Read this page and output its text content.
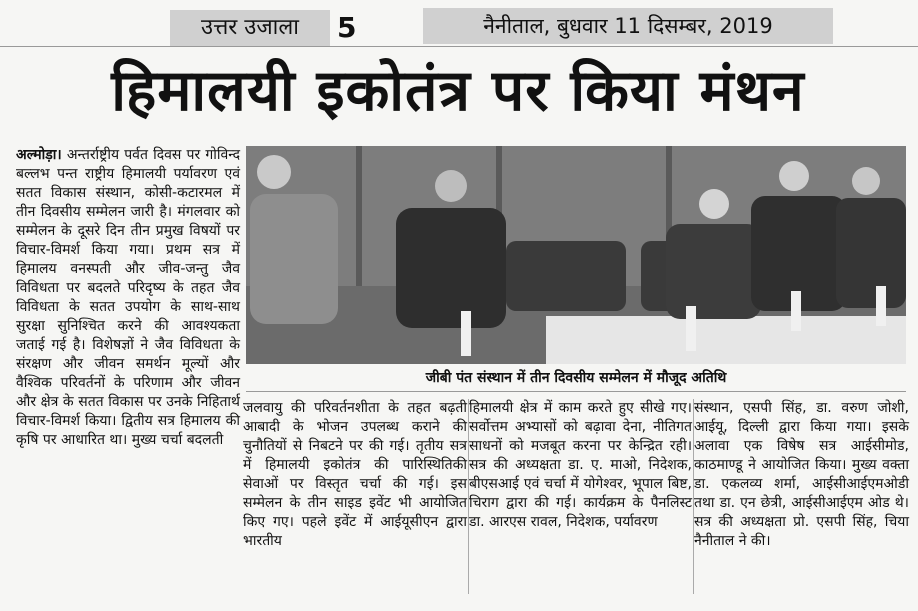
उत्तर उजाला	5	नैनीताल, बुधवार 11 दिसम्बर, 2019
हिमालयी इकोतंत्र पर किया मंथन

अल्मोड़ा। अन्तर्राष्ट्रीय पर्वत दिवस पर गोविन्द बल्लभ पन्त राष्ट्रीय हिमालयी पर्यावरण एवं सतत विकास संस्थान, कोसी-कटारमल में तीन दिवसीय सम्मेलन जारी है। मंगलवार को सम्मेलन के दूसरे दिन तीन प्रमुख विषयों पर विचार-विमर्श किया गया। प्रथम सत्र में हिमालय वनस्पती और जीव-जन्तु जैव विविधता पर बदलते परिदृष्य के तहत जैव विविधता के सतत उपयोग के साथ-साथ सुरक्षा सुनिश्चित करने की आवश्यकता जताई गई है। विशेषज्ञों ने जैव विविधता के संरक्षण और जीवन समर्थन मूल्यों और वैश्विक परिवर्तनों के परिणाम और जीवन और क्षेत्र के सतत विकास पर उनके निहितार्थ विचार-विमर्श किया। द्वितीय सत्र हिमालय की कृषि पर आधारित था। मुख्य चर्चा बदलती

जीबी पंत संस्थान में तीन दिवसीय सम्मेलन में मौजूद अतिथि

जलवायु की परिवर्तनशीता के तहत बढ़ती आबादी के भोजन उपलब्ध कराने की चुनौतियों से निबटने पर की गई। तृतीय सत्र में हिमालयी इकोतंत्र की पारिस्थितिकी सेवाओं पर विस्तृत चर्चा की गई। इस सम्मेलन के तीन साइड इवेंट भी आयोजित किए गए। पहले इवेंट में आईयूसीएन द्वारा भारतीय

हिमालयी क्षेत्र में काम करते हुए सीखे गए। सर्वोत्तम अभ्यासों को बढ़ावा देना, नीतिगत साधनों को मजबूत करना पर केन्द्रित रही। सत्र की अध्यक्षता डा. ए. माओ, निदेशक, बीएसआई एवं चर्चा में योगेश्वर, भूपाल बिष्ट, चिराग द्वारा की गई। कार्यक्रम के पैनलिस्ट डा. आरएस रावल, निदेशक, पर्यावरण

संस्थान, एसपी सिंह, डा. वरुण जोशी, आईयू, दिल्ली द्वारा किया गया। इसके अलावा एक विषेष सत्र आईसीमोड, काठमाण्डू ने आयोजित किया। मुख्य वक्ता डा. एकलव्य शर्मा, आईसीआईएमओडी तथा डा. एन छेत्री, आईसीआईएम ओड थे। सत्र की अध्यक्षता प्रो. एसपी सिंह, चिया नैनीताल ने की।
